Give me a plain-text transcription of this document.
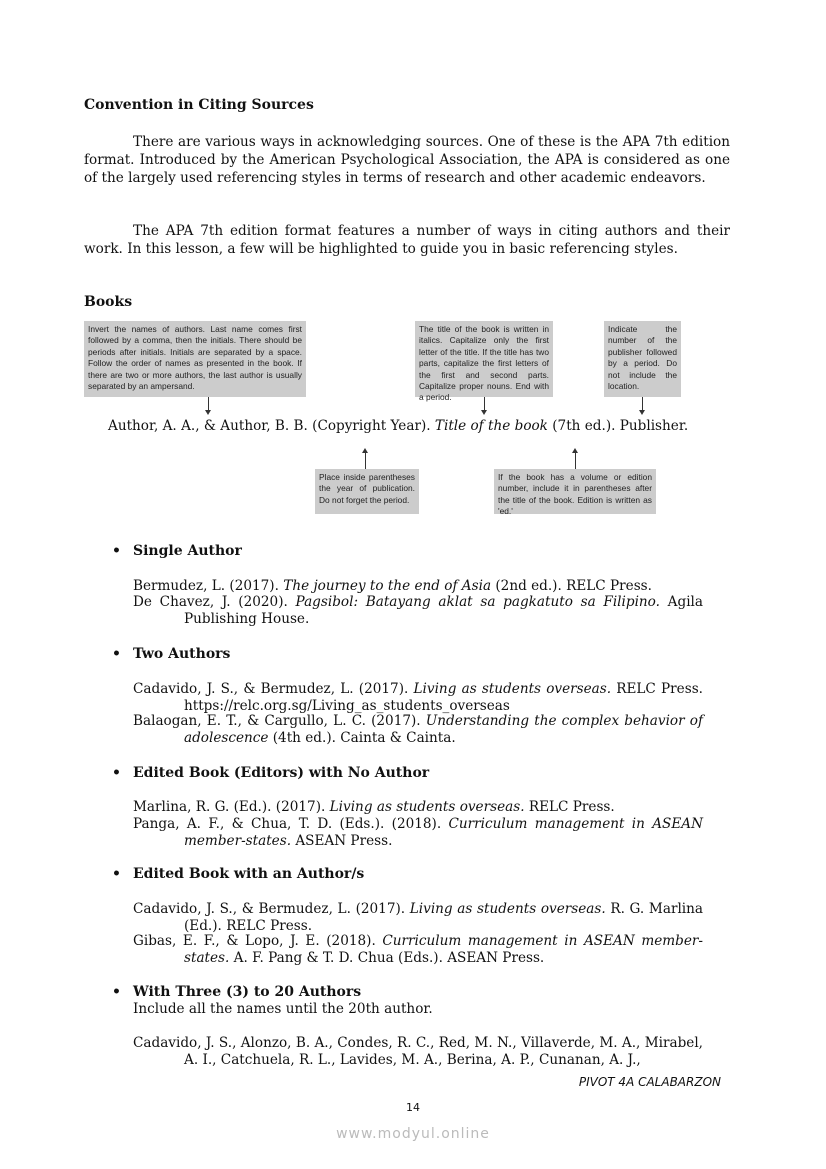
Convention in Citing Sources
There are various ways in acknowledging sources. One of these is the APA 7th edition format. Introduced by the American Psychological Association, the APA is considered as one of the largely used referencing styles in terms of research and other academic endeavors.
The APA 7th edition format features a number of ways in citing authors and their work. In this lesson, a few will be highlighted to guide you in basic referencing styles.
Books
Invert the names of authors. Last name comes first followed by a comma, then the initials. There should be periods after initials. Initials are separated by a space. Follow the order of names as presented in the book. If there are two or more authors, the last author is usually separated by an ampersand.
The title of the book is written in italics. Capitalize only the first letter of the title. If the title has two parts, capitalize the first letters of the first and second parts. Capitalize proper nouns. End with a period.
Indicate the number of the publisher followed by a period. Do not include the location.
Author, A. A., & Author, B. B. (Copyright Year). Title of the book (7th ed.). Publisher.
Place inside parentheses the year of publication. Do not forget the period.
If the book has a volume or edition number, include it in parentheses after the title of the book. Edition is written as 'ed.'
• Single Author
Bermudez, L. (2017). The journey to the end of Asia (2nd ed.). RELC Press.
De Chavez, J. (2020). Pagsibol: Batayang aklat sa pagkatuto sa Filipino. Agila Publishing House.
• Two Authors
Cadavido, J. S., & Bermudez, L. (2017). Living as students overseas. RELC Press. https://relc.org.sg/Living_as_students_overseas
Balaogan, E. T., & Cargullo, L. C. (2017). Understanding the complex behavior of adolescence (4th ed.). Cainta & Cainta.
• Edited Book (Editors) with No Author
Marlina, R. G. (Ed.). (2017). Living as students overseas. RELC Press.
Panga, A. F., & Chua, T. D. (Eds.). (2018). Curriculum management in ASEAN member-states. ASEAN Press.
• Edited Book with an Author/s
Cadavido, J. S., & Bermudez, L. (2017). Living as students overseas. R. G. Marlina (Ed.). RELC Press.
Gibas, E. F., & Lopo, J. E. (2018). Curriculum management in ASEAN member-states. A. F. Pang & T. D. Chua (Eds.). ASEAN Press.
• With Three (3) to 20 Authors
Include all the names until the 20th author.
Cadavido, J. S., Alonzo, B. A., Condes, R. C., Red, M. N., Villaverde, M. A., Mirabel, A. I., Catchuela, R. L., Lavides, M. A., Berina, A. P., Cunanan, A. J.,
PIVOT 4A CALABARZON
14
www.modyul.online
